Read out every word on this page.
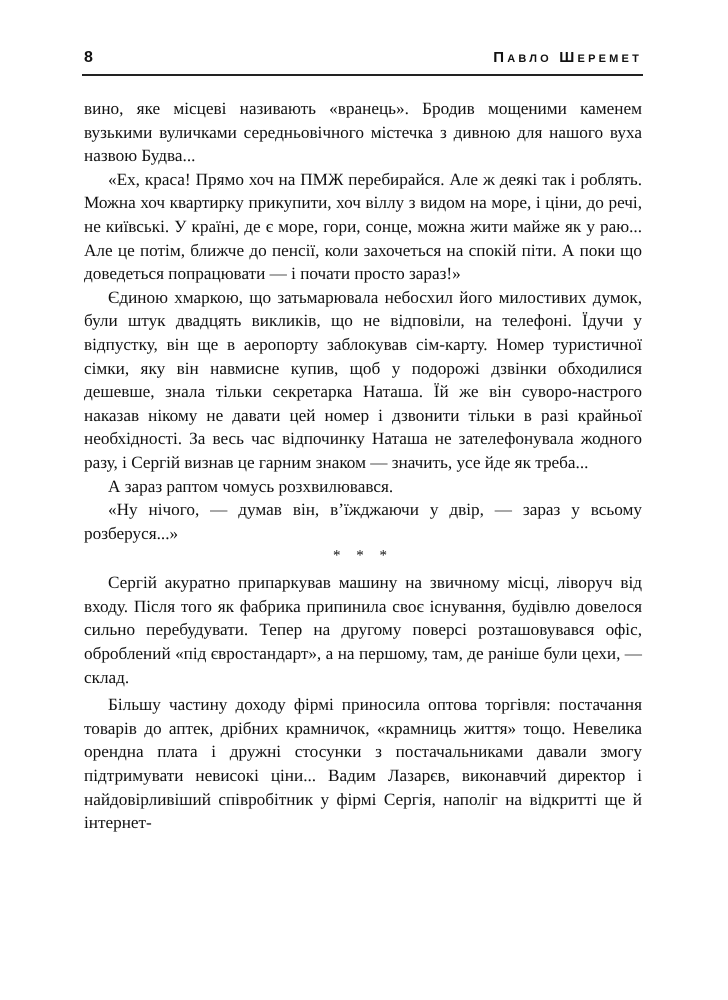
8	Павло Шеремет

вино, яке місцеві називають «вранець». Бродив мощеними каменем вузькими вуличками середньовічного містечка з дивною для нашого вуха назвою Будва...

«Ех, краса! Прямо хоч на ПМЖ перебирайся. Але ж деякі так і роблять. Можна хоч квартирку прикупити, хоч віллу з видом на море, і ціни, до речі, не київські. У країні, де є море, гори, сонце, можна жити майже як у раю... Але це потім, ближче до пенсії, коли захочеться на спокій піти. А поки що доведеться попрацювати — і почати просто зараз!»

Єдиною хмаркою, що затьмарювала небосхил його милостивих думок, були штук двадцять викликів, що не відповіли, на телефоні. Їдучи у відпустку, він ще в аеропорту заблокував сім-карту. Номер туристичної сімки, яку він навмисне купив, щоб у подорожі дзвінки обходилися дешевше, знала тільки секретарка Наташа. Їй же він суворо-настрого наказав нікому не давати цей номер і дзвонити тільки в разі крайньої необхідності. За весь час відпочинку Наташа не зателефонувала жодного разу, і Сергій визнав це гарним знаком — значить, усе йде як треба...

А зараз раптом чомусь розхвилювався.

«Ну нічого, — думав він, в’їжджаючи у двір, — зараз у всьому розберуся...»

* * *

Сергій акуратно припаркував машину на звичному місці, ліворуч від входу. Після того як фабрика припинила своє існування, будівлю довелося сильно перебудувати. Тепер на другому поверсі розташовувався офіс, оброблений «під євростандарт», а на першому, там, де раніше були цехи, — склад.

Більшу частину доходу фірмі приносила оптова торгівля: постачання товарів до аптек, дрібних крамничок, «крамниць життя» тощо. Невелика орендна плата і дружні стосунки з постачальниками давали змогу підтримувати невисокі ціни... Вадим Лазарєв, виконавчий директор і найдовірливіший співробітник у фірмі Сергія, наполіг на відкритті ще й інтернет-
